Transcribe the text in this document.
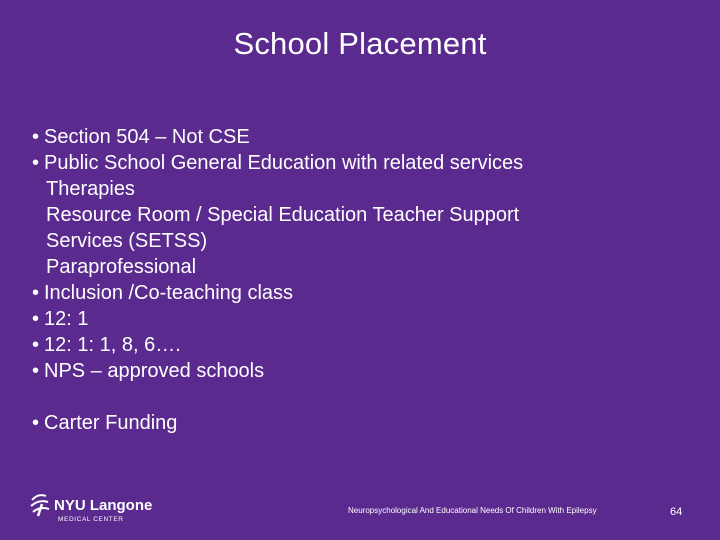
School Placement
• Section 504 – Not CSE
• Public School General Education with related services
Therapies
Resource Room / Special Education Teacher Support
Services (SETSS)
Paraprofessional
• Inclusion /Co-teaching class
• 12: 1
• 12: 1: 1, 8, 6….
• NPS – approved schools
• Carter Funding
NYU Langone
MEDICAL CENTER
Neuropsychological And Educational Needs Of Children With Epilepsy	64
